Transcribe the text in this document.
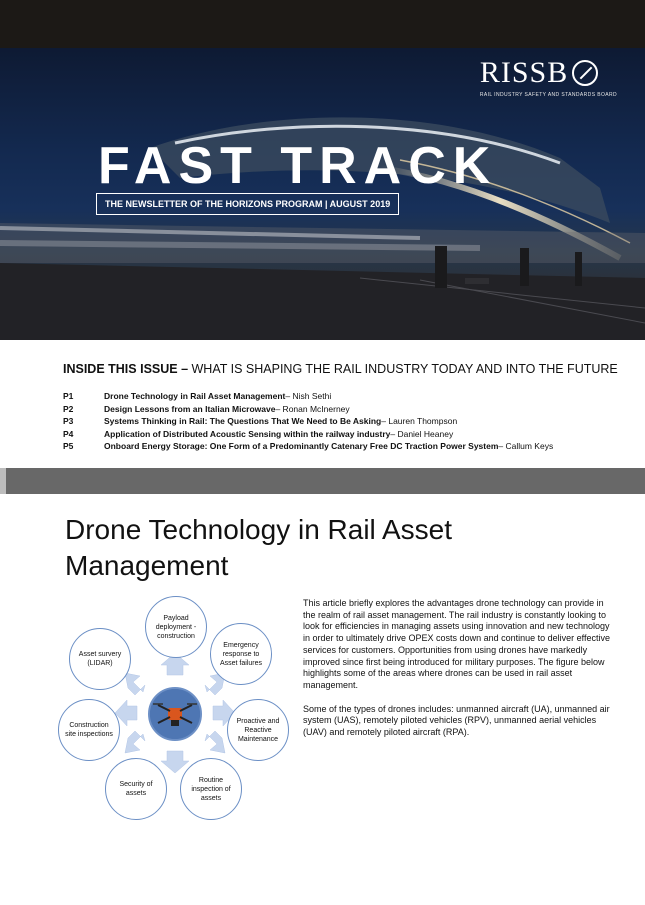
RISSB
RAIL INDUSTRY SAFETY AND STANDARDS BOARD
FAST TRACK
THE NEWSLETTER OF THE HORIZONS PROGRAM | AUGUST 2019
INSIDE THIS ISSUE – WHAT IS SHAPING THE RAIL INDUSTRY TODAY AND INTO THE FUTURE
P1	Drone Technology in Rail Asset Management – Nish Sethi
P2	Design Lessons from an Italian Microwave – Ronan McInerney
P3	Systems Thinking in Rail: The Questions That We Need to Be Asking – Lauren Thompson
P4	Application of Distributed Acoustic Sensing within the railway industry – Daniel Heaney
P5	Onboard Energy Storage: One Form of a Predominantly Catenary Free DC Traction Power System – Callum Keys
Drone Technology in Rail Asset Management
Payload deployment - construction
Emergency response to Asset failures
Proactive and Reactive Maintenance
Routine inspection of assets
Security of assets
Construction site inspections
Asset survery (LIDAR)

This article briefly explores the advantages drone technology can provide in the realm of rail asset management. The rail industry is constantly looking to look for efficiencies in managing assets using innovation and new technology in order to ultimately drive OPEX costs down and continue to deliver effective services for customers. Opportunities from using drones have markedly improved since first being introduced for military purposes. The figure below highlights some of the areas where drones can be used in rail asset management.

Some of the types of drones includes: unmanned aircraft (UA), unmanned air system (UAS), remotely piloted vehicles (RPV), unmanned aerial vehicles (UAV) and remotely piloted aircraft (RPA).
